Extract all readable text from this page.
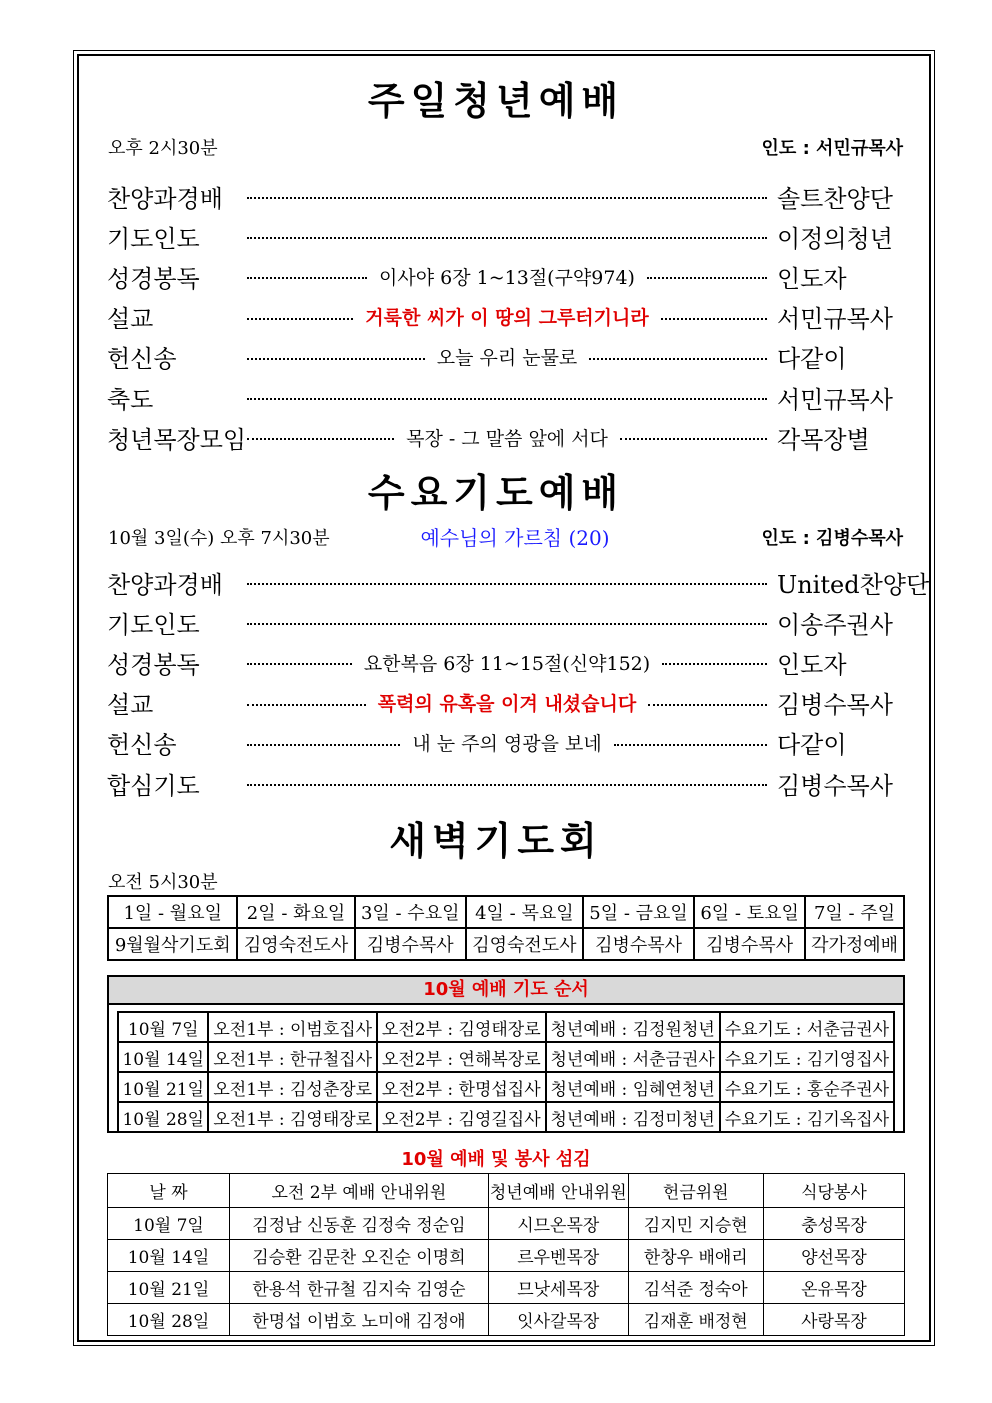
주일청년예배
오후 2시30분	인도 : 서민규목사
찬양과경배	솔트찬양단
기도인도	이정의청년
성경봉독	이사야 6장 1~13절(구약974)	인도자
설교	거룩한 씨가 이 땅의 그루터기니라	서민규목사
헌신송	오늘 우리 눈물로	다같이
축도	서민규목사
청년목장모임	목장 - 그 말씀 앞에 서다	각목장별
수요기도예배
10월 3일(수) 오후 7시30분	예수님의 가르침 (20)	인도 : 김병수목사
찬양과경배	United찬양단
기도인도	이송주권사
성경봉독	요한복음 6장 11~15절(신약152)	인도자
설교	폭력의 유혹을 이겨 내셨습니다	김병수목사
헌신송	내 눈 주의 영광을 보네	다같이
합심기도	김병수목사
새벽기도회
오전 5시30분
1일 - 월요일	2일 - 화요일	3일 - 수요일	4일 - 목요일	5일 - 금요일	6일 - 토요일	7일 - 주일
9월월삭기도회	김영숙전도사	김병수목사	김영숙전도사	김병수목사	김병수목사	각가정예배
10월 예배 기도 순서
10월 7일	오전1부 : 이범호집사	오전2부 : 김영태장로	청년예배 : 김정원청년	수요기도 : 서춘금권사
10월 14일	오전1부 : 한규철집사	오전2부 : 연해복장로	청년예배 : 서춘금권사	수요기도 : 김기영집사
10월 21일	오전1부 : 김성춘장로	오전2부 : 한명섭집사	청년예배 : 임혜연청년	수요기도 : 홍순주권사
10월 28일	오전1부 : 김영태장로	오전2부 : 김영길집사	청년예배 : 김정미청년	수요기도 : 김기옥집사
10월 예배 및 봉사 섬김
날 짜	오전 2부 예배 안내위원	청년예배 안내위원	헌금위원	식당봉사
10월 7일	김정남 신동훈 김정숙 정순임	시므온목장	김지민 지승현	충성목장
10월 14일	김승환 김문찬 오진순 이명희	르우벤목장	한창우 배애리	양선목장
10월 21일	한용석 한규철 김지숙 김영순	므낫세목장	김석준 정숙아	온유목장
10월 28일	한명섭 이범호 노미애 김정애	잇사갈목장	김재훈 배정현	사랑목장
